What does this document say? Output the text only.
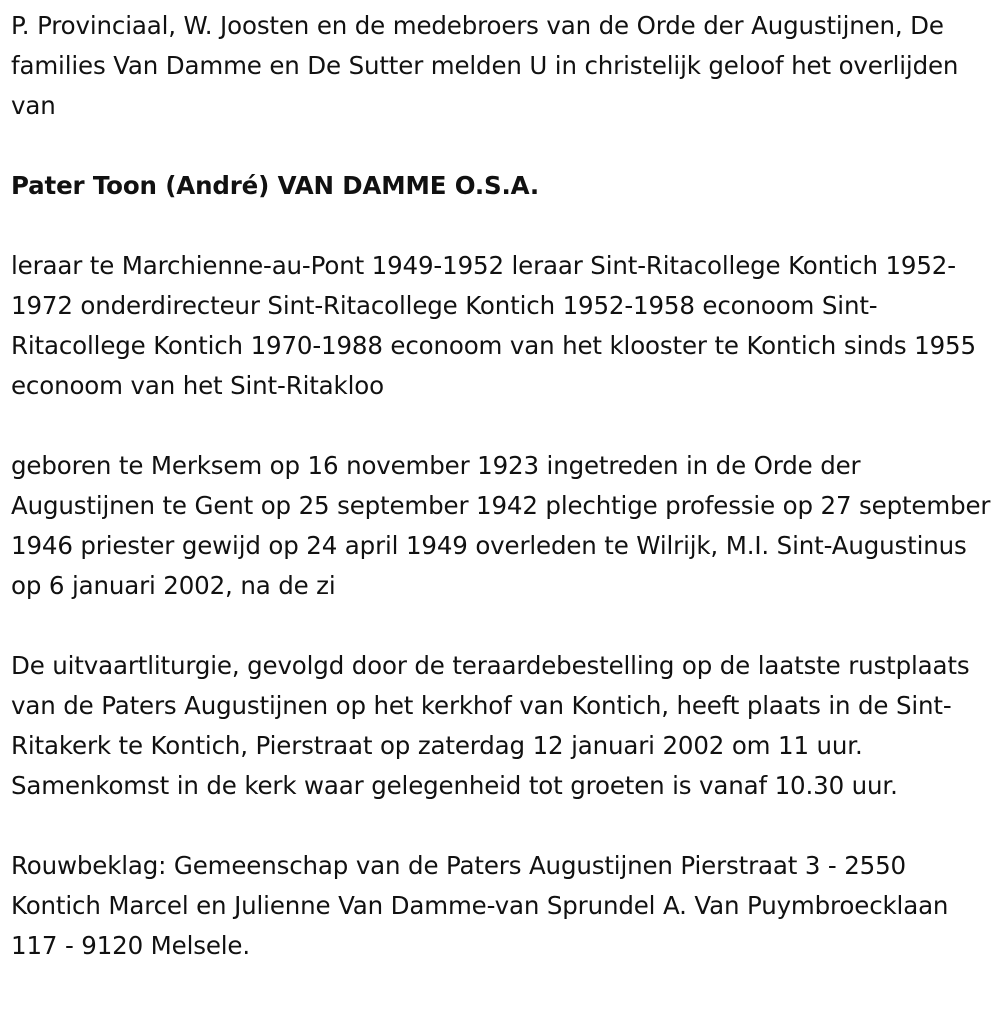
P. Provinciaal, W. Joosten en de medebroers van de Orde der Augustijnen, De families Van Damme en De Sutter melden U in christelijk geloof het overlijden van

Pater Toon (André) VAN DAMME O.S.A.

leraar te Marchienne-au-Pont 1949-1952 leraar Sint-Ritacollege Kontich 1952-1972 onderdirecteur Sint-Ritacollege Kontich 1952-1958 econoom Sint-Ritacollege Kontich 1970-1988 econoom van het klooster te Kontich sinds 1955 econoom van het Sint-Ritakloo

geboren te Merksem op 16 november 1923 ingetreden in de Orde der Augustijnen te Gent op 25 september 1942 plechtige professie op 27 september 1946 priester gewijd op 24 april 1949 overleden te Wilrijk, M.I. Sint-Augustinus op 6 januari 2002, na de zi

De uitvaartliturgie, gevolgd door de teraardebestelling op de laatste rustplaats van de Paters Augustijnen op het kerkhof van Kontich, heeft plaats in de Sint-Ritakerk te Kontich, Pierstraat op zaterdag 12 januari 2002 om 11 uur. Samenkomst in de kerk waar gelegenheid tot groeten is vanaf 10.30 uur.

Rouwbeklag: Gemeenschap van de Paters Augustijnen Pierstraat 3 - 2550 Kontich Marcel en Julienne Van Damme-van Sprundel A. Van Puymbroecklaan 117 - 9120 Melsele.
